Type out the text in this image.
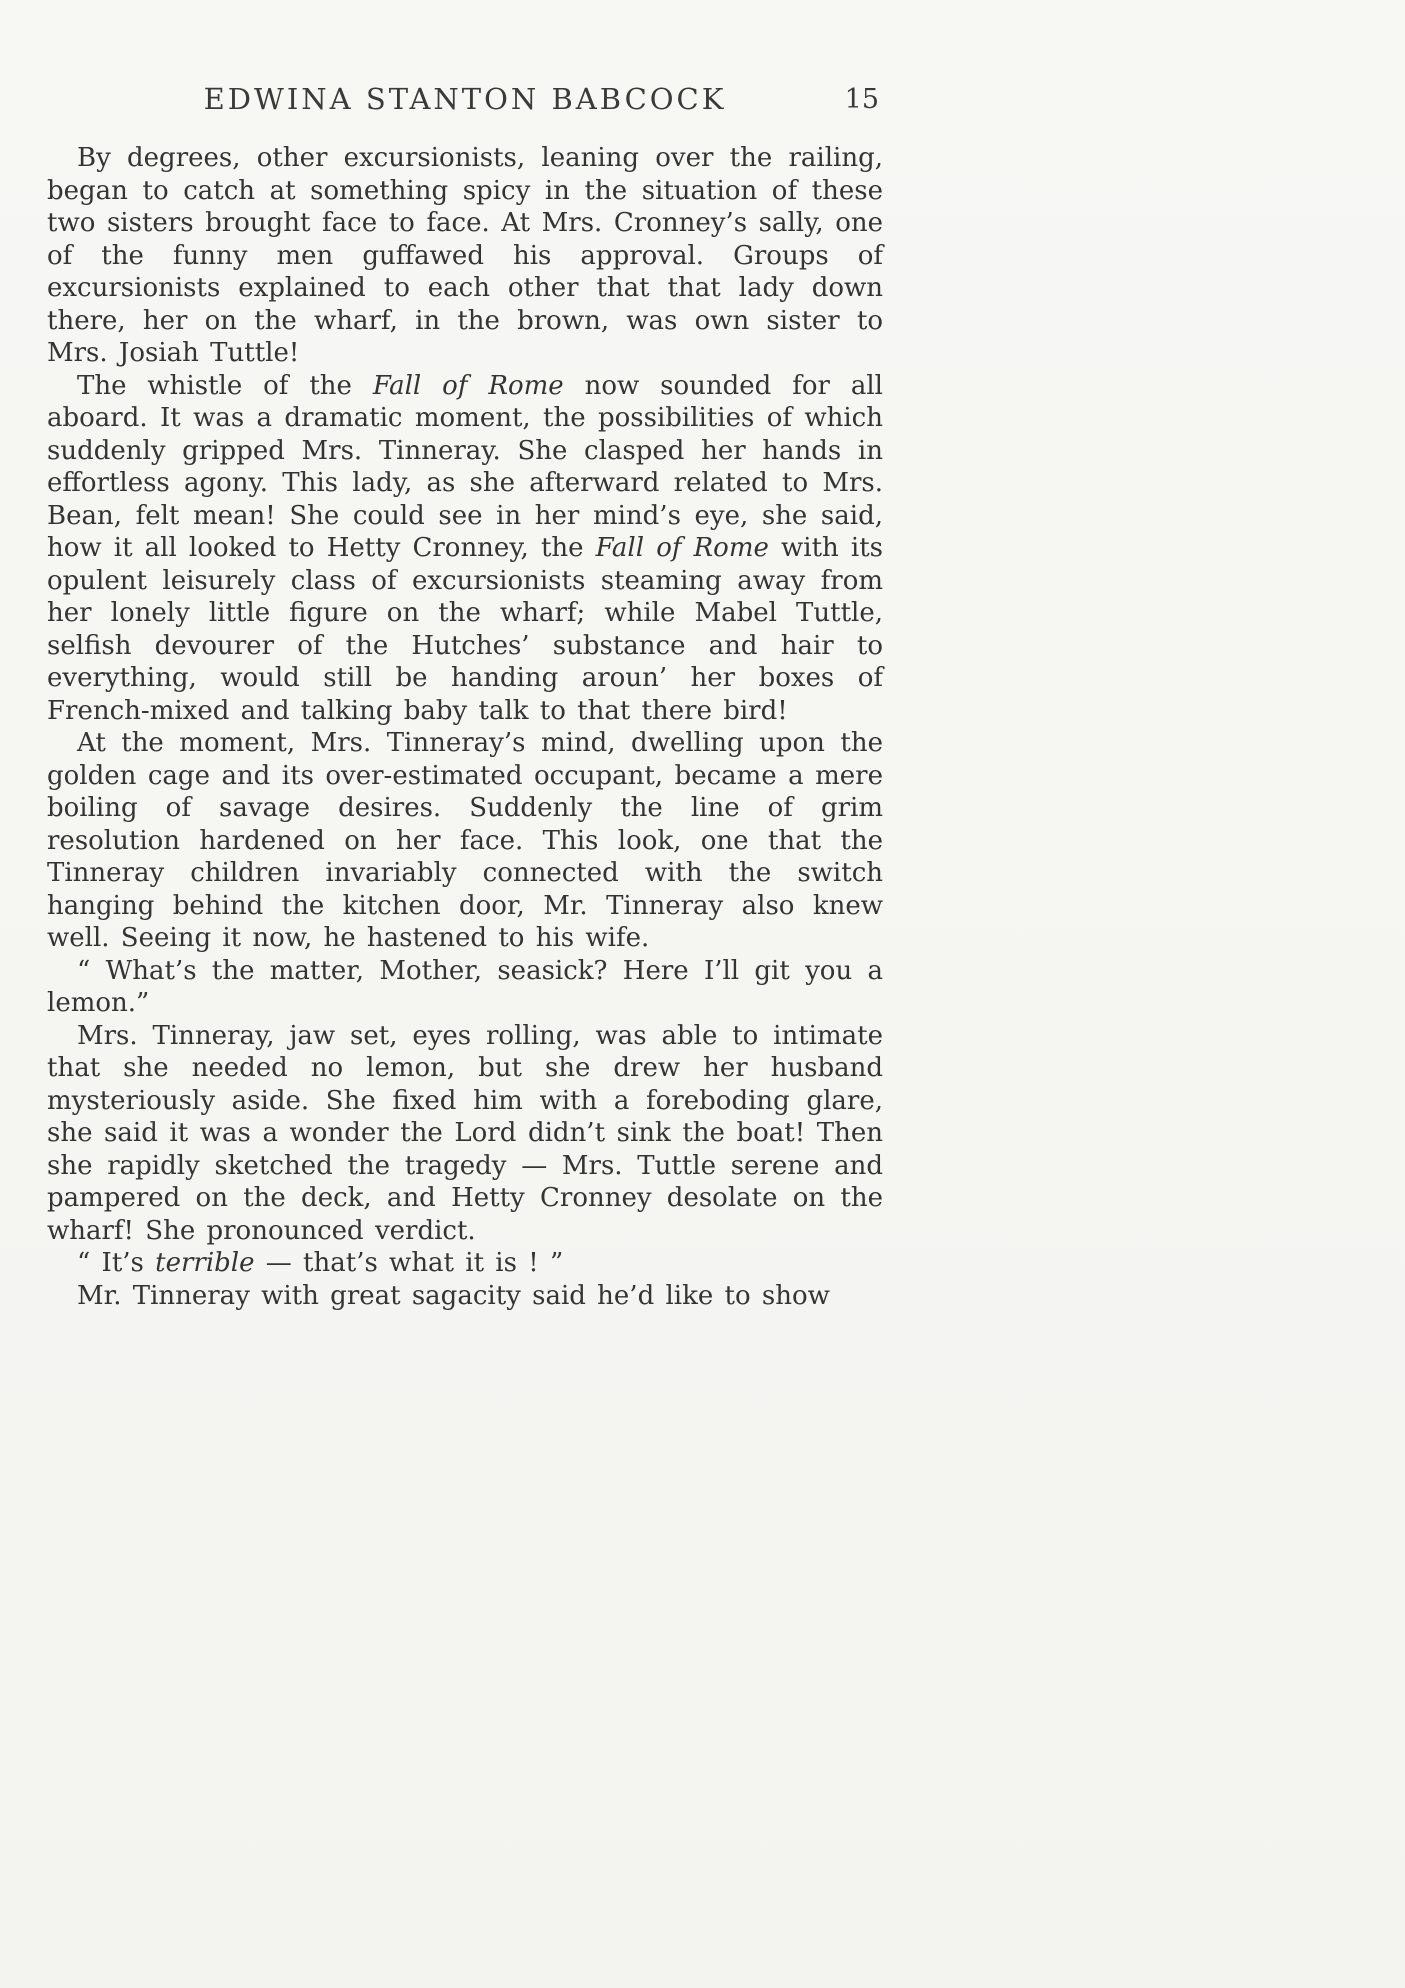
EDWINA STANTON BABCOCK	15

By degrees, other excursionists, leaning over the railing, began to catch at something spicy in the situation of these two sisters brought face to face. At Mrs. Cronney’s sally, one of the funny men guffawed his approval. Groups of excursionists explained to each other that that lady down there, her on the wharf, in the brown, was own sister to Mrs. Josiah Tuttle!

The whistle of the Fall of Rome now sounded for all aboard. It was a dramatic moment, the possibilities of which suddenly gripped Mrs. Tinneray. She clasped her hands in effortless agony. This lady, as she afterward related to Mrs. Bean, felt mean! She could see in her mind’s eye, she said, how it all looked to Hetty Cronney, the Fall of Rome with its opulent leisurely class of excursionists steaming away from her lonely little figure on the wharf; while Mabel Tuttle, selfish devourer of the Hutches’ substance and hair to everything, would still be handing aroun’ her boxes of French-mixed and talking baby talk to that there bird!

At the moment, Mrs. Tinneray’s mind, dwelling upon the golden cage and its over-estimated occupant, became a mere boiling of savage desires. Suddenly the line of grim resolution hardened on her face. This look, one that the Tinneray children invariably connected with the switch hanging behind the kitchen door, Mr. Tinneray also knew well. Seeing it now, he hastened to his wife.

“ What’s the matter, Mother, seasick? Here I’ll git you a lemon.”

Mrs. Tinneray, jaw set, eyes rolling, was able to intimate that she needed no lemon, but she drew her husband mysteriously aside. She fixed him with a foreboding glare, she said it was a wonder the Lord didn’t sink the boat! Then she rapidly sketched the tragedy — Mrs. Tuttle serene and pampered on the deck, and Hetty Cronney desolate on the wharf! She pronounced verdict.

“ It’s terrible — that’s what it is ! ”

Mr. Tinneray with great sagacity said he’d like to show
